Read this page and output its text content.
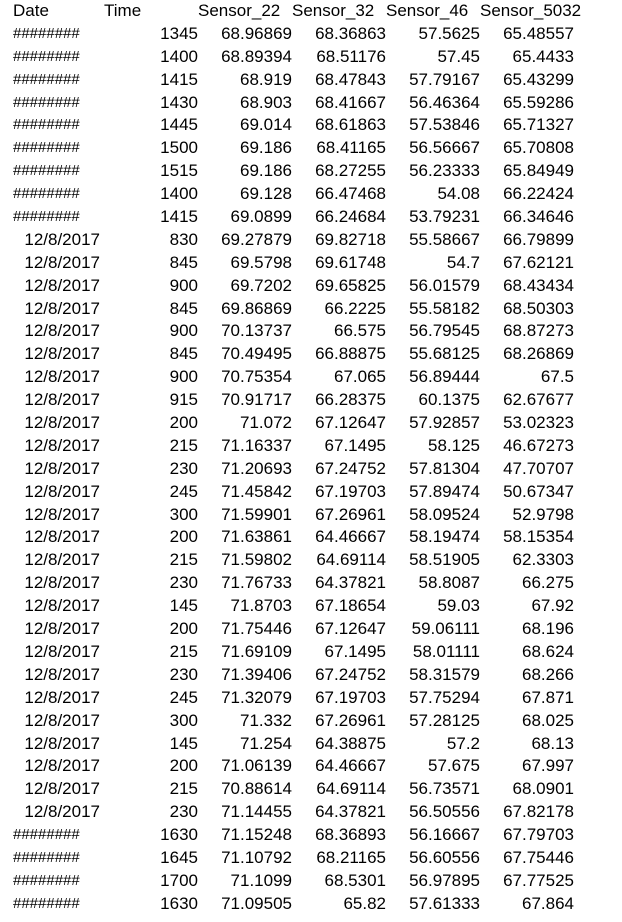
Date	Time	Sensor_22 Sensor_32 Sensor_46 Sensor_5032
########	1345	68.96869	68.36863	57.5625	65.48557
########	1400	68.89394	68.51176	57.45	65.4433
########	1415	68.919	68.47843	57.79167	65.43299
########	1430	68.903	68.41667	56.46364	65.59286
########	1445	69.014	68.61863	57.53846	65.71327
########	1500	69.186	68.41165	56.56667	65.70808
########	1515	69.186	68.27255	56.23333	65.84949
########	1400	69.128	66.47468	54.08	66.22424
########	1415	69.0899	66.24684	53.79231	66.34646
12/8/2017	830	69.27879	69.82718	55.58667	66.79899
12/8/2017	845	69.5798	69.61748	54.7	67.62121
12/8/2017	900	69.7202	69.65825	56.01579	68.43434
12/8/2017	845	69.86869	66.2225	55.58182	68.50303
12/8/2017	900	70.13737	66.575	56.79545	68.87273
12/8/2017	845	70.49495	66.88875	55.68125	68.26869
12/8/2017	900	70.75354	67.065	56.89444	67.5
12/8/2017	915	70.91717	66.28375	60.1375	62.67677
12/8/2017	200	71.072	67.12647	57.92857	53.02323
12/8/2017	215	71.16337	67.1495	58.125	46.67273
12/8/2017	230	71.20693	67.24752	57.81304	47.70707
12/8/2017	245	71.45842	67.19703	57.89474	50.67347
12/8/2017	300	71.59901	67.26961	58.09524	52.9798
12/8/2017	200	71.63861	64.46667	58.19474	58.15354
12/8/2017	215	71.59802	64.69114	58.51905	62.3303
12/8/2017	230	71.76733	64.37821	58.8087	66.275
12/8/2017	145	71.8703	67.18654	59.03	67.92
12/8/2017	200	71.75446	67.12647	59.06111	68.196
12/8/2017	215	71.69109	67.1495	58.01111	68.624
12/8/2017	230	71.39406	67.24752	58.31579	68.266
12/8/2017	245	71.32079	67.19703	57.75294	67.871
12/8/2017	300	71.332	67.26961	57.28125	68.025
12/8/2017	145	71.254	64.38875	57.2	68.13
12/8/2017	200	71.06139	64.46667	57.675	67.997
12/8/2017	215	70.88614	64.69114	56.73571	68.0901
12/8/2017	230	71.14455	64.37821	56.50556	67.82178
########	1630	71.15248	68.36893	56.16667	67.79703
########	1645	71.10792	68.21165	56.60556	67.75446
########	1700	71.1099	68.5301	56.97895	67.77525
########	1630	71.09505	65.82	57.61333	67.864
